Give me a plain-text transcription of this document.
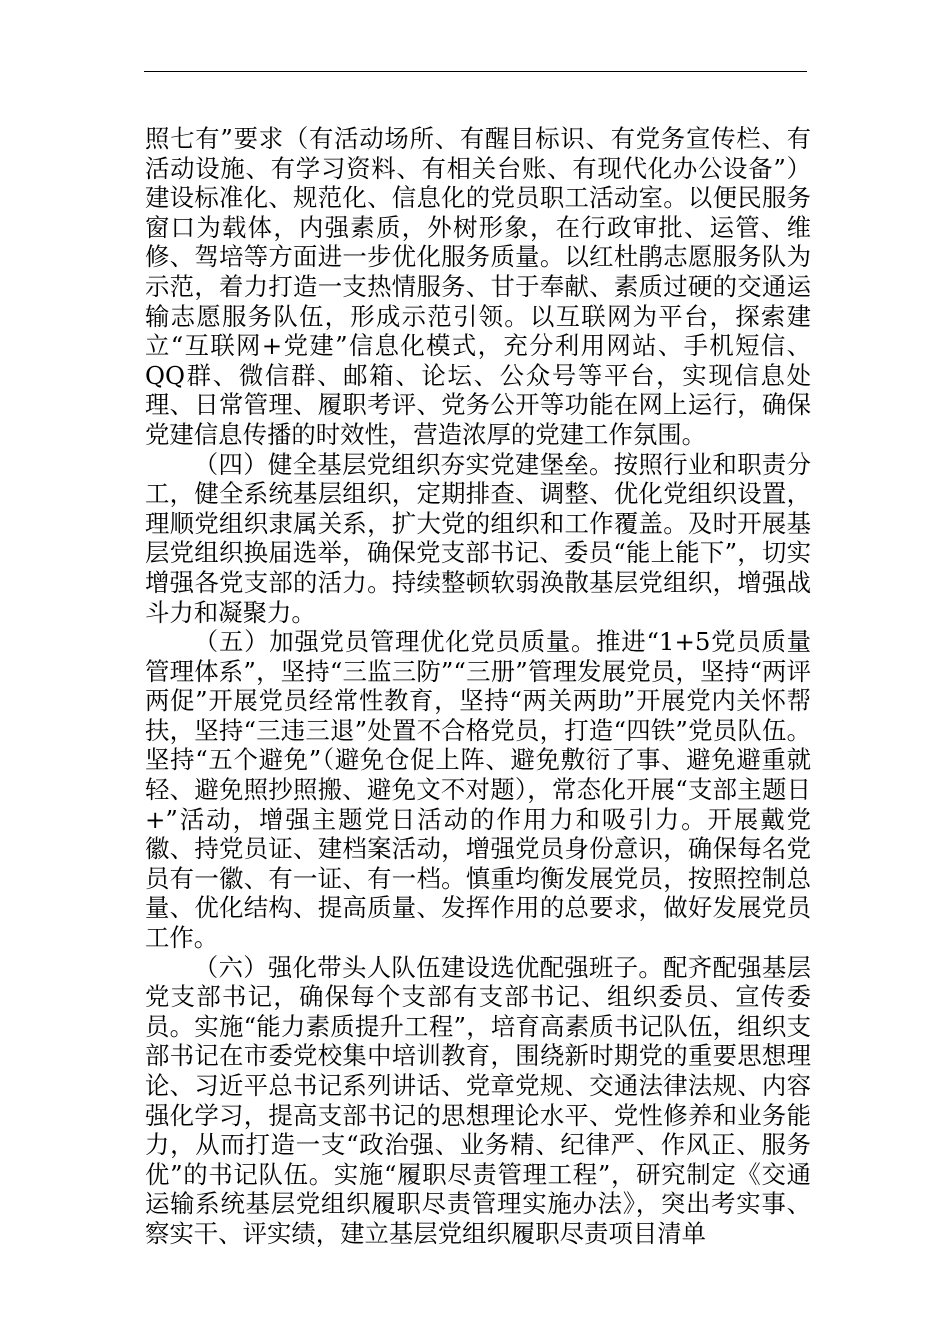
照七有”要求（有活动场所、有醒目标识、有党务宣传栏、有活动设施、有学习资料、有相关台账、有现代化办公设备”）建设标准化、规范化、信息化的党员职工活动室。以便民服务窗口为载体，内强素质，外树形象，在行政审批、运管、维修、驾培等方面进一步优化服务质量。以红杜鹃志愿服务队为示范，着力打造一支热情服务、甘于奉献、素质过硬的交通运输志愿服务队伍，形成示范引领。以互联网为平台，探索建立“互联网+党建”信息化模式，充分利用网站、手机短信、QQ群、微信群、邮箱、论坛、公众号等平台，实现信息处理、日常管理、履职考评、党务公开等功能在网上运行，确保党建信息传播的时效性，营造浓厚的党建工作氛围。

（四）健全基层党组织夯实党建堡垒。按照行业和职责分工，健全系统基层组织，定期排查、调整、优化党组织设置，理顺党组织隶属关系，扩大党的组织和工作覆盖。及时开展基层党组织换届选举，确保党支部书记、委员“能上能下”，切实增强各党支部的活力。持续整顿软弱涣散基层党组织，增强战斗力和凝聚力。

（五）加强党员管理优化党员质量。推进“1+5党员质量管理体系”，坚持“三监三防”“三册”管理发展党员，坚持“两评两促”开展党员经常性教育，坚持“两关两助”开展党内关怀帮扶，坚持“三违三退”处置不合格党员，打造“四铁”党员队伍。坚持“五个避免”（避免仓促上阵、避免敷衍了事、避免避重就轻、避免照抄照搬、避免文不对题），常态化开展“支部主题日+”活动，增强主题党日活动的作用力和吸引力。开展戴党徽、持党员证、建档案活动，增强党员身份意识，确保每名党员有一徽、有一证、有一档。慎重均衡发展党员，按照控制总量、优化结构、提高质量、发挥作用的总要求，做好发展党员工作。

（六）强化带头人队伍建设选优配强班子。配齐配强基层党支部书记，确保每个支部有支部书记、组织委员、宣传委员。实施“能力素质提升工程”，培育高素质书记队伍，组织支部书记在市委党校集中培训教育，围绕新时期党的重要思想理论、习近平总书记系列讲话、党章党规、交通法律法规、内容强化学习，提高支部书记的思想理论水平、党性修养和业务能力，从而打造一支“政治强、业务精、纪律严、作风正、服务优”的书记队伍。实施“履职尽责管理工程”，研究制定《交通运输系统基层党组织履职尽责管理实施办法》，突出考实事、察实干、评实绩，建立基层党组织履职尽责项目清单
